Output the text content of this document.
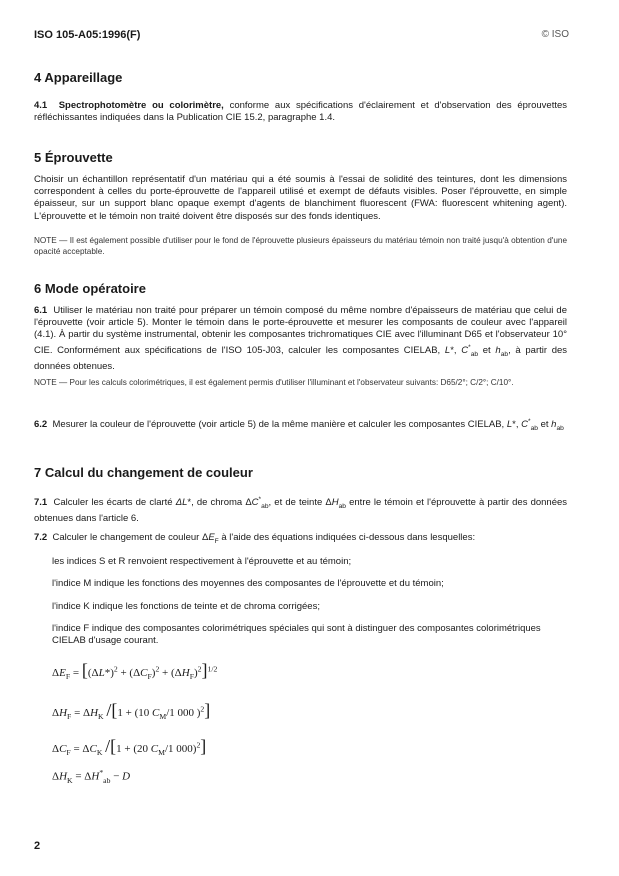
ISO 105-A05:1996(F)	© ISO
4 Appareillage
4.1 Spectrophotomètre ou colorimètre, conforme aux spécifications d'éclairement et d'observation des éprouvettes réfléchissantes indiquées dans la Publication CIE 15.2, paragraphe 1.4.
5 Éprouvette
Choisir un échantillon représentatif d'un matériau qui a été soumis à l'essai de solidité des teintures, dont les dimensions correspondent à celles du porte-éprouvette de l'appareil utilisé et exempt de défauts visibles. Poser l'éprouvette, en simple épaisseur, sur un support blanc opaque exempt d'agents de blanchiment fluorescent (FWA: fluorescent whitening agent). L'éprouvette et le témoin non traité doivent être disposés sur des fonds identiques.
NOTE — Il est également possible d'utiliser pour le fond de l'éprouvette plusieurs épaisseurs du matériau témoin non traité jusqu'à obtention d'une opacité acceptable.
6 Mode opératoire
6.1 Utiliser le matériau non traité pour préparer un témoin composé du même nombre d'épaisseurs de matériau que celui de l'éprouvette (voir article 5). Monter le témoin dans le porte-éprouvette et mesurer les composants de couleur avec l'appareil (4.1). À partir du système instrumental, obtenir les composantes trichromatiques CIE avec l'illuminant D65 et l'observateur 10° CIE. Conformément aux spécifications de l'ISO 105-J03, calculer les composantes CIELAB, L*, $C^*_{ab}$ et $h_{ab}$, à partir des données obtenues.
NOTE — Pour les calculs colorimétriques, il est également permis d'utiliser l'illuminant et l'observateur suivants: D65/2°; C/2°; C/10°.
6.2 Mesurer la couleur de l'éprouvette (voir article 5) de la même manière et calculer les composantes CIELAB, L*, $C^*_{ab}$ et $h_{ab}$
7 Calcul du changement de couleur
7.1 Calculer les écarts de clarté ΔL*, de chroma $\Delta C^*_{ab}$, et de teinte $\Delta H_{ab}$ entre le témoin et l'éprouvette à partir des données obtenues dans l'article 6.
7.2 Calculer le changement de couleur $\Delta E_F$ à l'aide des équations indiquées ci-dessous dans lesquelles:
les indices S et R renvoient respectivement à l'éprouvette et au témoin;
l'indice M indique les fonctions des moyennes des composantes de l'éprouvette et du témoin;
l'indice K indique les fonctions de teinte et de chroma corrigées;
l'indice F indique des composantes colorimétriques spéciales qui sont à distinguer des composantes colorimétriques CIELAB d'usage courant.
$\Delta E_F = [(\Delta L*)^2 + (\Delta C_F)^2 + (\Delta H_F)^2]^{1/2}$
$\Delta H_F = \Delta H_K$ /[1 + (10 $C_M/1$ 000 )$^2$]
$\Delta C_F = \Delta C_K$ /[1 + (20 $C_M/1$ 000)$^2$]
$\Delta H_K = \Delta H^*_{ab} - D$
2
